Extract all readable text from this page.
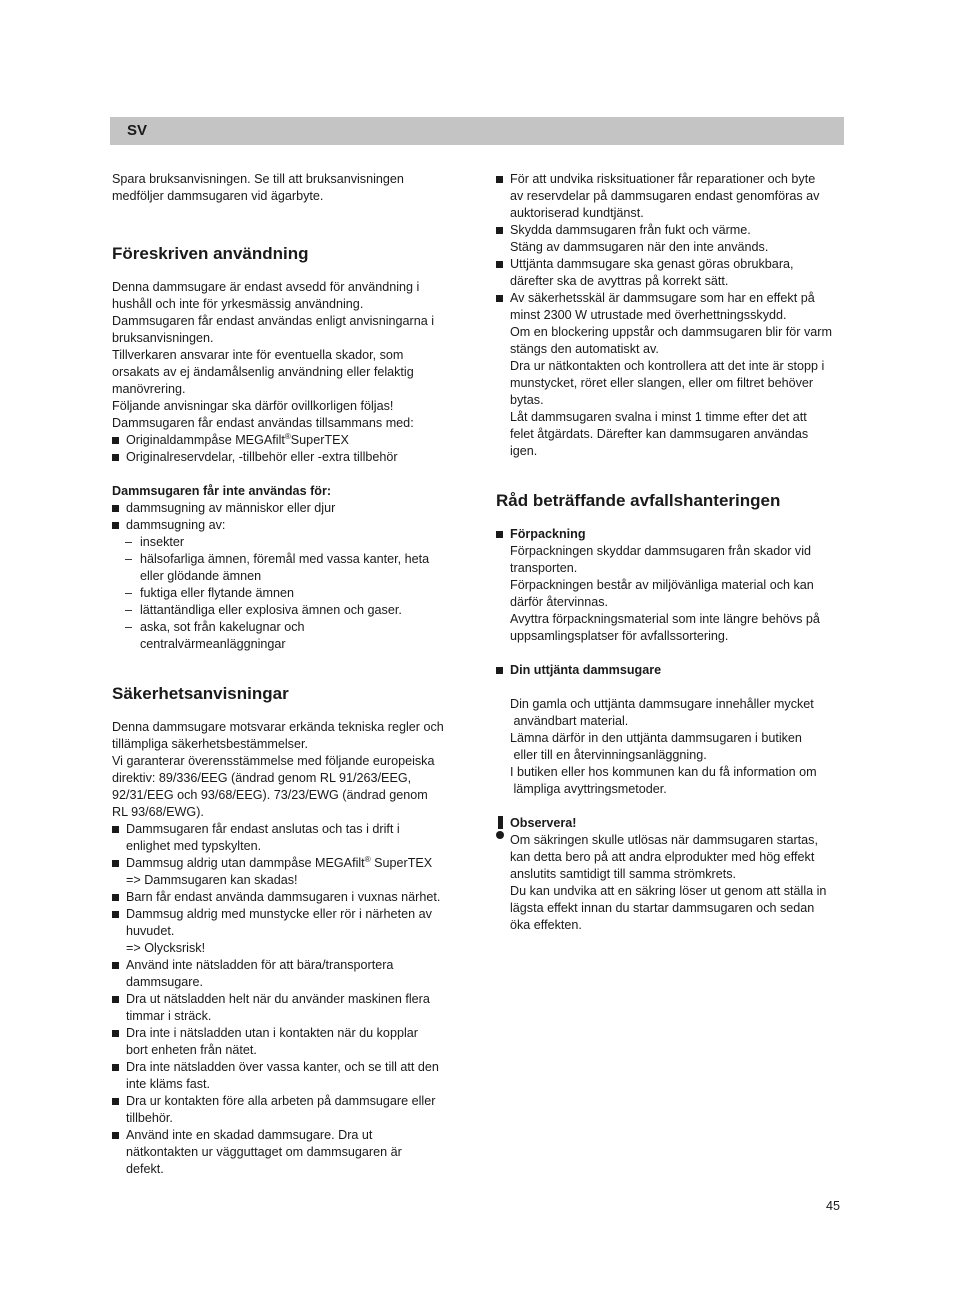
SV

Spara bruksanvisningen. Se till att bruksanvisningen
medföljer dammsugaren vid ägarbyte.

Föreskriven användning

Denna dammsugare är endast avsedd för användning i
hushåll och inte för yrkesmässig användning.
Dammsugaren får endast användas enligt anvisningarna i
bruksanvisningen.
Tillverkaren ansvarar inte för eventuella skador, som
orsakats av ej ändamålsenlig användning eller felaktig
manövrering.
Följande anvisningar ska därför ovillkorligen följas!
Dammsugaren får endast användas tillsammans med:

Originaldammpåse MEGAfilt®SuperTEX
Originalreservdelar, -tillbehör eller -extra tillbehör

Dammsugaren får inte användas för:

dammsugning av människor eller djur
dammsugning av:
– insekter
– hälsofarliga ämnen, föremål med vassa kanter, heta
eller glödande ämnen
– fuktiga eller flytande ämnen
– lättantändliga eller explosiva ämnen och gaser.
– aska, sot från kakelugnar och
centralvärmeanläggningar
Säkerhetsanvisningar

Denna dammsugare motsvarar erkända tekniska regler och
tillämpliga säkerhetsbestämmelser.
Vi garanterar överensstämmelse med följande europeiska
direktiv: 89/336/EEG (ändrad genom RL 91/263/EEG,
92/31/EEG och 93/68/EEG). 73/23/EWG (ändrad genom
RL 93/68/EWG).

Dammsugaren får endast anslutas och tas i drift i
enlighet med typskylten.
Dammsug aldrig utan dammpåse MEGAfilt® SuperTEX
=> Dammsugaren kan skadas!
Barn får endast använda dammsugaren i vuxnas närhet.
Dammsug aldrig med munstycke eller rör i närheten av
huvudet.
=> Olycksrisk!
Använd inte nätsladden för att bära/transportera
dammsugare.
Dra ut nätsladden helt när du använder maskinen flera
timmar i sträck.
Dra inte i nätsladden utan i kontakten när du kopplar
bort enheten från nätet.
Dra inte nätsladden över vassa kanter, och se till att den
inte kläms fast.
Dra ur kontakten före alla arbeten på dammsugare eller
tillbehör.
Använd inte en skadad dammsugare. Dra ut
nätkontakten ur vägguttaget om dammsugaren är
defekt.
För att undvika risksituationer får reparationer och byte
av reservdelar på dammsugaren endast genomföras av
auktoriserad kundtjänst.
Skydda dammsugaren från fukt och värme.
Stäng av dammsugaren när den inte används.
Uttjänta dammsugare ska genast göras obrukbara,
därefter ska de avyttras på korrekt sätt.
Av säkerhetsskäl är dammsugare som har en effekt på
minst 2300 W utrustade med överhettningsskydd.
Om en blockering uppstår och dammsugaren blir för varm
stängs den automatiskt av.
Dra ur nätkontakten och kontrollera att det inte är stopp i
munstycket, röret eller slangen, eller om filtret behöver
bytas.
Låt dammsugaren svalna i minst 1 timme efter det att
felet åtgärdats. Därefter kan dammsugaren användas
igen.
Råd beträffande avfallshanteringen
Förpackning

Förpackningen skyddar dammsugaren från skador vid
transporten.
Förpackningen består av miljövänliga material och kan
därför återvinnas.
Avyttra förpackningsmaterial som inte längre behövs på
uppsamlingsplatser för avfallssortering.

Din uttjänta dammsugare

Din gamla och uttjänta dammsugare innehåller mycket
användbart material.
Lämna därför in den uttjänta dammsugaren i butiken
eller till en återvinningsanläggning.
I butiken eller hos kommunen kan du få information om
lämpliga avyttringsmetoder.

Observera!

Om säkringen skulle utlösas när dammsugaren startas,
kan detta bero på att andra elprodukter med hög effekt
anslutits samtidigt till samma strömkrets.
Du kan undvika att en säkring löser ut genom att ställa in
lägsta effekt innan du startar dammsugaren och sedan
öka effekten.

45
